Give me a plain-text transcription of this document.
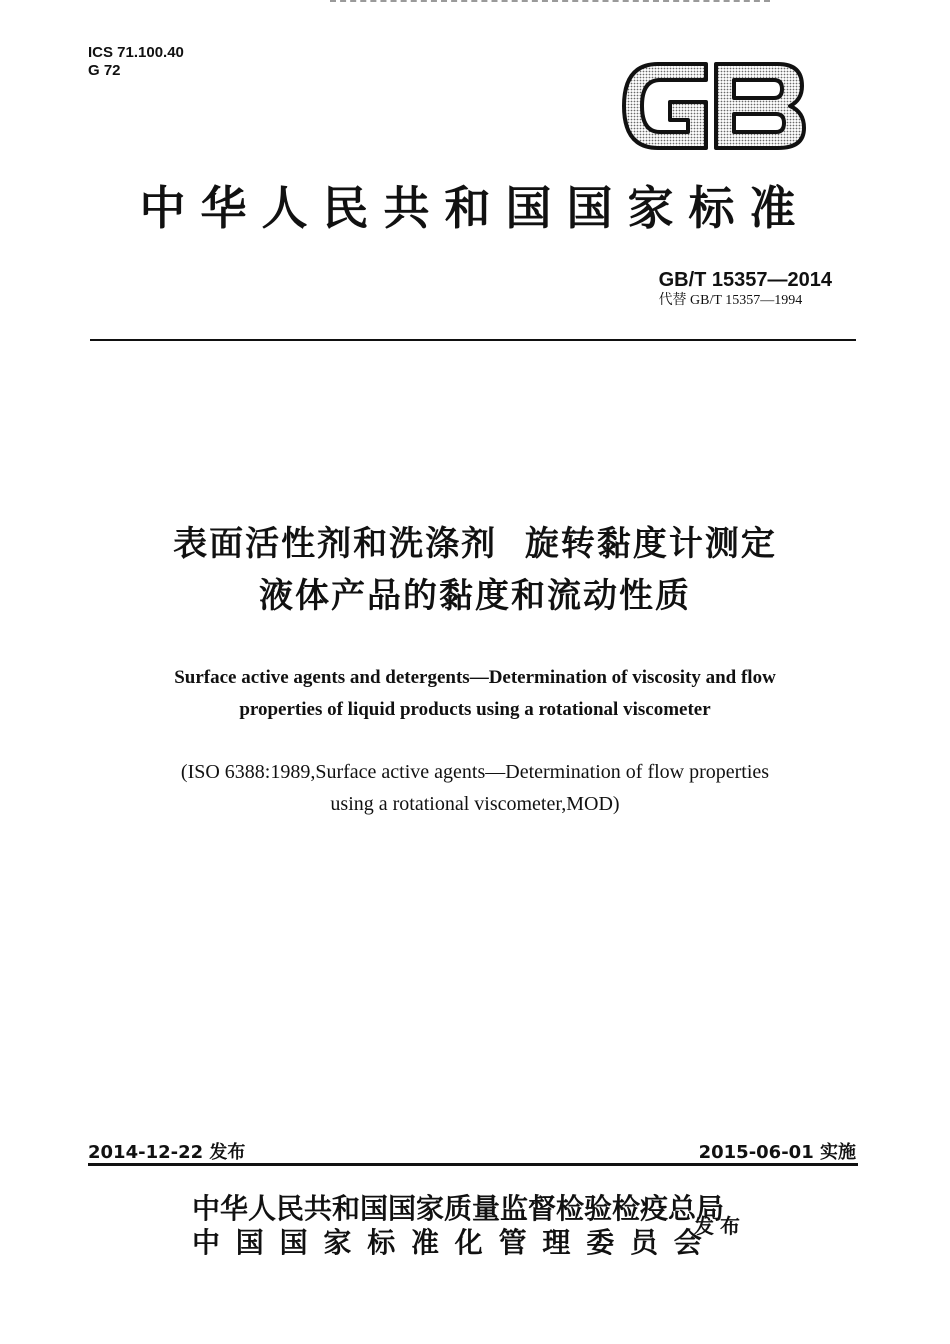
ICS 71.100.40
G 72
中华人民共和国国家标准
GB/T 15357—2014
代替 GB/T 15357—1994
表面活性剂和洗涤剂  旋转黏度计测定
液体产品的黏度和流动性质
Surface active agents and detergents—Determination of viscosity and flow
properties of liquid products using a rotational viscometer
(ISO 6388:1989,Surface active agents—Determination of flow properties
using a rotational viscometer,MOD)
2014-12-22 发布	2015-06-01 实施
中华人民共和国国家质量监督检验检疫总局
中国国家标准化管理委员会
发布
